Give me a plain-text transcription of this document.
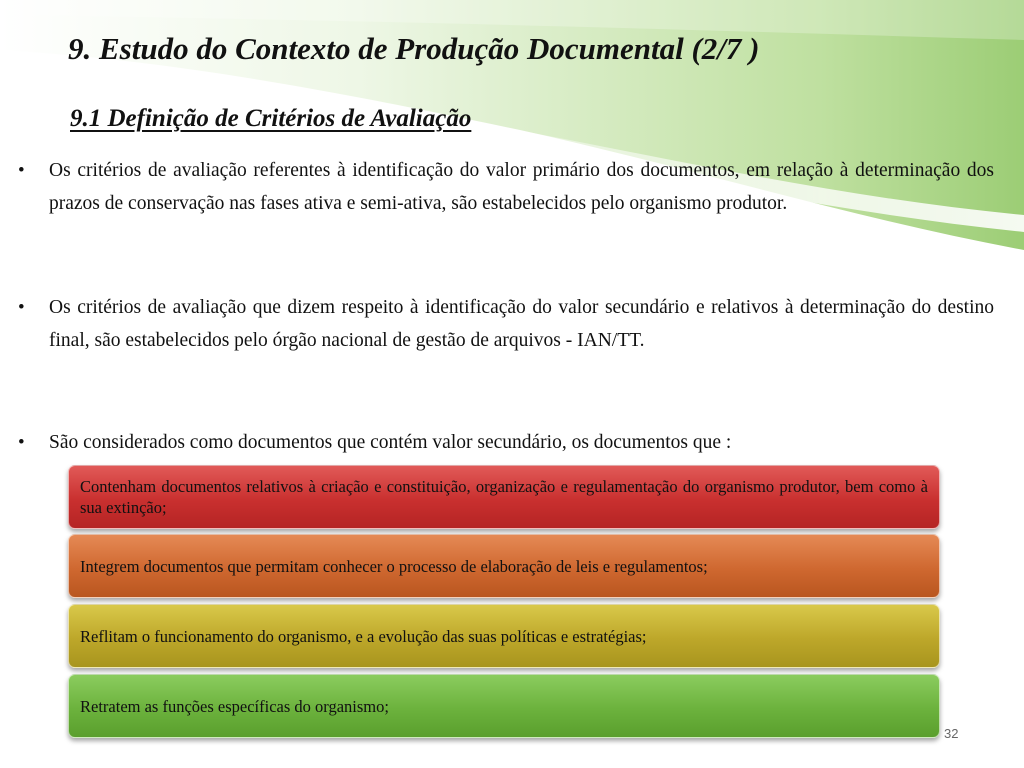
9. Estudo do Contexto de Produção Documental (2/7 )
9.1 Definição de Critérios de Avaliação
• Os critérios de avaliação referentes à identificação do valor primário dos documentos, em relação à determinação dos prazos de conservação nas fases ativa e semi-ativa, são estabelecidos pelo organismo produtor.
• Os critérios de avaliação que dizem respeito à identificação do valor secundário e relativos à determinação do destino final, são estabelecidos pelo órgão nacional de gestão de arquivos - IAN/TT.
• São considerados como documentos que contém valor secundário, os documentos que :
Contenham documentos relativos à criação e constituição, organização e regulamentação do organismo produtor, bem como à sua extinção;
Integrem documentos que permitam conhecer o processo de elaboração de leis e regulamentos;
Reflitam o funcionamento do organismo, e a evolução das suas políticas e estratégias;
Retratem as funções específicas do organismo;
32
